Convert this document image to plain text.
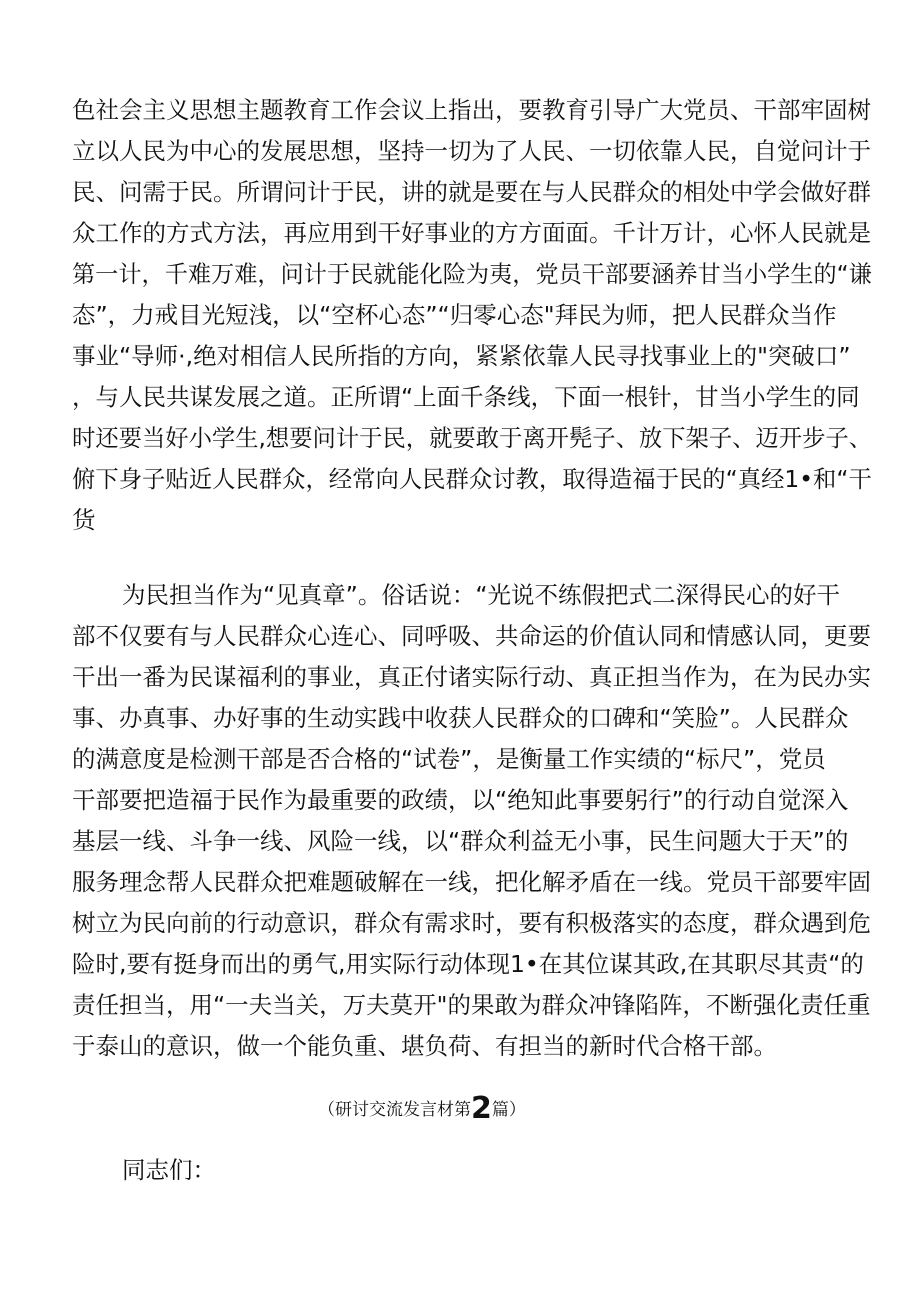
色社会主义思想主题教育工作会议上指出，要教育引导广大党员、干部牢固树
立以人民为中心的发展思想，坚持一切为了人民、一切依靠人民，自觉问计于
民、问需于民。所谓问计于民，讲的就是要在与人民群众的相处中学会做好群
众工作的方式方法，再应用到干好事业的方方面面。千计万计，心怀人民就是
第一计，千难万难，问计于民就能化险为夷，党员干部要涵养甘当小学生的“谦
态”，力戒目光短浅，以“空杯心态”“归零心态"拜民为师，把人民群众当作
事业“导师·,绝对相信人民所指的方向，紧紧依靠人民寻找事业上的"突破口”
，与人民共谋发展之道。正所谓“上面千条线，下面一根针，甘当小学生的同
时还要当好小学生,想要问计于民，就要敢于离开髡子、放下架子、迈开步子、
俯下身子贴近人民群众，经常向人民群众讨教，取得造福于民的“真经1•和“干
货
为民担当作为“见真章”。俗话说：“光说不练假把式二深得民心的好干
部不仅要有与人民群众心连心、同呼吸、共命运的价值认同和情感认同，更要
干出一番为民谋福利的事业，真正付诸实际行动、真正担当作为，在为民办实
事、办真事、办好事的生动实践中收获人民群众的口碑和“笑脸”。人民群众
的满意度是检测干部是否合格的“试卷”，是衡量工作实绩的“标尺”，党员
干部要把造福于民作为最重要的政绩，以“绝知此事要躬行”的行动自觉深入
基层一线、斗争一线、风险一线，以“群众利益无小事，民生问题大于天”的
服务理念帮人民群众把难题破解在一线，把化解矛盾在一线。党员干部要牢固
树立为民向前的行动意识，群众有需求时，要有积极落实的态度，群众遇到危
险时,要有挺身而出的勇气,用实际行动体现1•在其位谋其政,在其职尽其责“的
责任担当，用“一夫当关，万夫莫开"的果敢为群众冲锋陷阵，不断强化责任重
于泰山的意识，做一个能负重、堪负荷、有担当的新时代合格干部。
（研讨交流发言材第2篇）
同志们：
